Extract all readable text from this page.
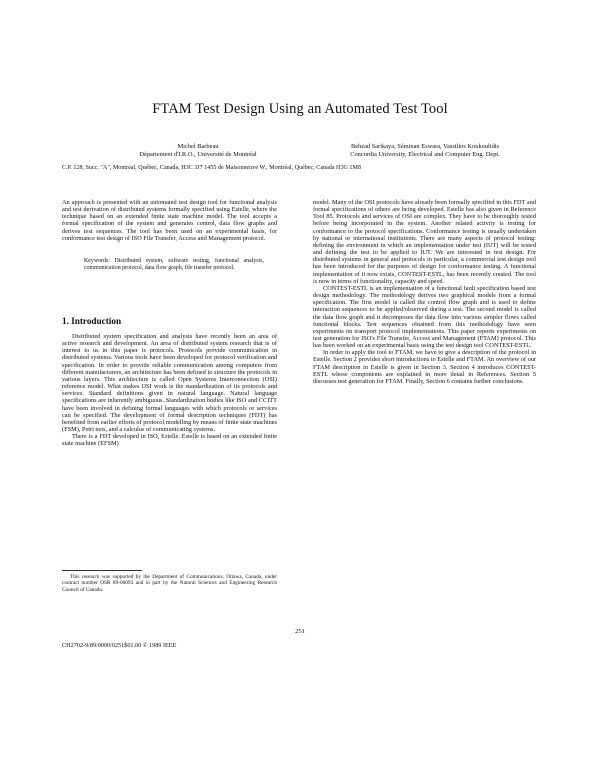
FTAM Test Design Using an Automated Test Tool
Michel Barbeau
Département d'I.R.O., Université de Montréal
Behzad Sarikaya, Séminan Eswara, Vassilios Koukoulidis
Concordia University, Electrical and Computer Eng. Dept.
C.P. 128, Succ. "A", Montréal, Québec, Canada, H3C 3J7 1455 de Maisonneuve W., Montréal, Québec, Canada H3G 1M8

An approach is presented with an automated test design tool for functional analysis and test derivation of distributed systems formally specified using Estelle, where the technique based on an extended finite state machine model. The tool accepts a formal specification of the system and generates control, data flow graphs and derives test sequences. The tool has been used on an experimental basis, for conformance test design of ISO File Transfer, Access and Management protocol.

Keywords: Distributed system, software testing, functional analysis, communication protocol, data flow graph, file transfer protocol.

1. Introduction

Distributed system specification and analysis have recently been an area of active research and development. An area of distributed system research that is of interest to us in this paper is protocols. Protocols provide communication in distributed systems. Various tools have been developed for protocol verification and specification. In order to provide reliable communication among computers from different manufacturers, an architecture has been defined to structure the protocols in various layers. This architecture is called Open Systems Interconnection (OSI) reference model. What makes OSI work is the standardization of its protocols and services. Standard definitions given in natural language. Natural language specifications are inherently ambiguous. Standardization bodies like ISO and CCITT have been involved in defining formal languages with which protocols or services can be specified. The development of formal description techniques (FDT) has benefited from earlier efforts of protocol modelling by means of finite state machines (FSM), Petri nets, and a calculus of communicating systems.

There is a FDT developed in ISO, Estelle. Estelle is based on an extended finite state machine (EFSM)

This research was supported by the Department of Communications, Ottawa, Canada, under contract number OSR 89-00093 and in part by the Natural Sciences and Engineering Research Council of Canada.

model. Many of the OSI protocols have already been formally specified in this FDT and formal specifications of others are being developed. Estelle has also given in Reference Tool 85. Protocols and services of OSI are complex. They have to be thoroughly tested before being incorporated in the system. Another related activity is testing for conformance to the protocol specifications. Conformance testing is usually undertaken by national or international institutions. There are many aspects of protocol testing: defining the environment in which an implementation under test (IUT) will be tested and defining the test to be applied to IUT. We are interested in test design. For distributed systems in general and protocols in particular, a commercial test design tool has been introduced for the purposes of design for conformance testing. A functional implementation of it now exists, CONTEST-ESTL, has been recently created. The tool is now in terms of functionality, capacity and speed.

CONTEST-ESTL is an implementation of a functional fault specification based test design methodology. The methodology derives two graphical models from a formal specification. The first model is called the control flow graph and is used to define interaction sequences to be applied/observed during a test. The second model is called the data flow graph and it decomposes the data flow into various simpler flows called functional blocks. Test sequences obtained from this methodology have seen experiments on transport protocol implementations. This paper reports experiments on test generation for ISO's File Transfer, Access and Management (FTAM) protocol. This has been worked on an experimental basis using the test design tool CONTEST-ESTL.

In order to apply the tool to FTAM, we have to give a description of the protocol in Estelle. Section 2 provides short introductions to Estelle and FTAM. An overview of our FTAM description in Estelle is given in Section 3. Section 4 introduces CONTEST-ESTL whose components are explained in more detail in References. Section 5 discusses test generation for FTAM. Finally, Section 6 contains further conclusions.

251
CH2702-9/89/0000/0251$01.00 © 1989 IEEE
